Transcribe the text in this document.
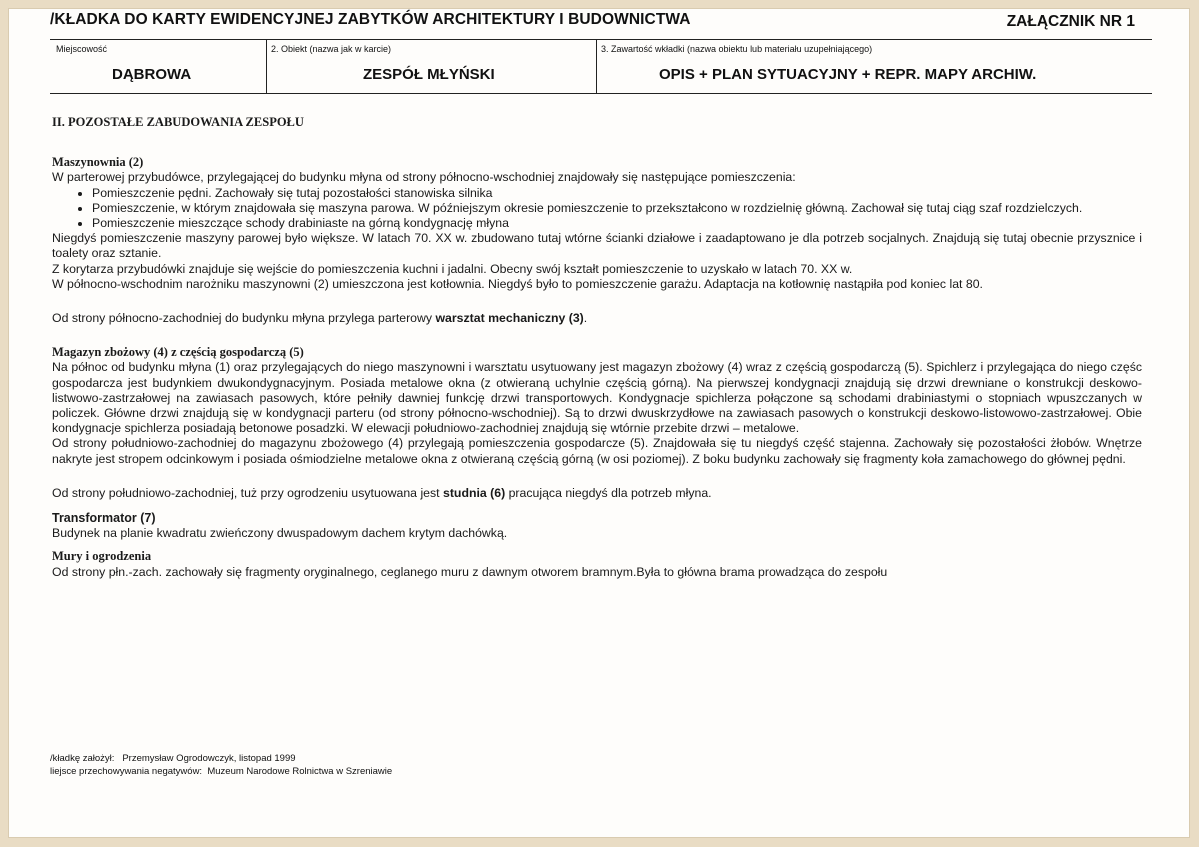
/KŁADKA DO KARTY EWIDENCYJNEJ ZABYTKÓW ARCHITEKTURY I BUDOWNICTWA	ZAŁĄCZNIK NR 1
Miejscowość
DĄBROWA
2. Obiekt (nazwa jak w karcie)
ZESPÓŁ MŁYŃSKI
3. Zawartość wkładki (nazwa obiektu lub materiału uzupełniającego)
OPIS + PLAN SYTUACYJNY + REPR. MAPY ARCHIW.
II. POZOSTAŁE ZABUDOWANIA ZESPOŁU
Maszynownia (2)

W parterowej przybudówce, przylegającej do budynku młyna od strony północno-wschodniej znajdowały się następujące pomieszczenia:

• Pomieszczenie pędni. Zachowały się tutaj pozostałości stanowiska silnika
• Pomieszczenie, w którym znajdowała się maszyna parowa. W późniejszym okresie pomieszczenie to przekształcono w rozdzielnię główną. Zachował się tutaj ciąg szaf rozdzielczych.
• Pomieszczenie mieszczące schody drabiniaste na górną kondygnację młyna

Niegdyś pomieszczenie maszyny parowej było większe. W latach 70. XX w. zbudowano tutaj wtórne ścianki działowe i zaadaptowano je dla potrzeb socjalnych. Znajdują się tutaj obecnie przysznice i toalety oraz sztanie.

Z korytarza przybudówki znajduje się wejście do pomieszczenia kuchni i jadalni. Obecny swój kształt pomieszczenie to uzyskało w latach 70. XX w.

W północno-wschodnim narożniku maszynowni (2) umieszczona jest kotłownia. Niegdyś było to pomieszczenie garażu. Adaptacja na kotłownię nastąpiła pod koniec lat 80.

Od strony północno-zachodniej do budynku młyna przylega parterowy warsztat mechaniczny (3).

Magazyn zbożowy (4) z częścią gospodarczą (5)

Na północ od budynku młyna (1) oraz przylegających do niego maszynowni i warsztatu usytuowany jest magazyn zbożowy (4) wraz z częścią gospodarczą (5). Spichlerz i przylegająca do niego częśc gospodarcza jest budynkiem dwukondygnacyjnym. Posiada metalowe okna (z otwieraną uchylnie częścią górną). Na pierwszej kondygnacji znajdują się drzwi drewniane o konstrukcji deskowo-listwowo-zastrzałowej na zawiasach pasowych, które pełniły dawniej funkcję drzwi transportowych. Kondygnacje spichlerza połączone są schodami drabiniastymi o stopniach wpuszczanych w policzek. Główne drzwi znajdują się w kondygnacji parteru (od strony północno-wschodniej). Są to drzwi dwuskrzydłowe na zawiasach pasowych o konstrukcji deskowo-listowowo-zastrzałowej. Obie kondygnacje spichlerza posiadają betonowe posadzki. W elewacji południowo-zachodniej znajdują się wtórnie przebite drzwi – metalowe.

Od strony południowo-zachodniej do magazynu zbożowego (4) przylegają pomieszczenia gospodarcze (5). Znajdowała się tu niegdyś część stajenna. Zachowały się pozostałości żłobów. Wnętrze nakryte jest stropem odcinkowym i posiada ośmiodzielne metalowe okna z otwieraną częścią górną (w osi poziomej). Z boku budynku zachowały się fragmenty koła zamachowego do głównej pędni.

Od strony południowo-zachodniej, tuż przy ogrodzeniu usytuowana jest studnia (6) pracująca niegdyś dla potrzeb młyna.

Transformator (7)

Budynek na planie kwadratu zwieńczony dwuspadowym dachem krytym dachówką.

Mury i ogrodzenia

Od strony płn.-zach. zachowały się fragmenty oryginalnego, ceglanego muru z dawnym otworem bramnym.Była to główna brama prowadząca do zespołu

/kładkę założył: Przemysław Ogrodowczyk, listopad 1999
liejsce przechowywania negatywów: Muzeum Narodowe Rolnictwa w Szreniawie
